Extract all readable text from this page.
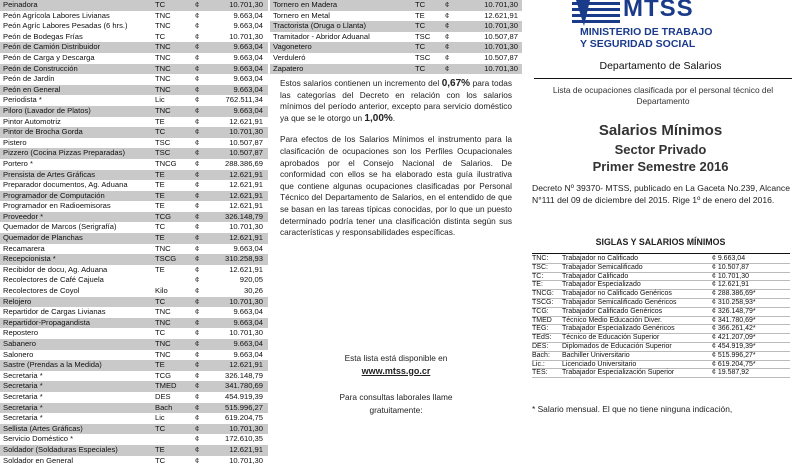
Peinadora	TC	¢	10.701,30
Peón Agrícola Labores Livianas	TNC	¢	9.663,04
Peón Agríc Labores Pesadas (6 hrs.)	TNC	¢	9.663,04
Peón de Bodegas Frías	TC	¢	10.701,30
Peón de Camión Distribuidor	TNC	¢	9.663,04
Peón de Carga y Descarga	TNC	¢	9.663,04
Peón de Construcción	TNC	¢	9.663,04
Peón de Jardín	TNC	¢	9.663,04
Peón en General	TNC	¢	9.663,04
Periodista *	Lic	¢	762.511,34
Piloro (Lavador de Platos)	TNC	¢	9.663,04
Pintor Automotriz	TE	¢	12.621,91
Pintor de Brocha Gorda	TC	¢	10.701,30
Pistero	TSC	¢	10.507,87
Pizzero (Cocina Pizzas Preparadas)	TSC	¢	10.507,87
Portero *	TNCG	¢	288.386,69
Prensista de Artes Gráficas	TE	¢	12.621,91
Preparador documentos, Ag. Aduana	TE	¢	12.621,91
Programador de Computación	TE	¢	12.621,91
Programador en Radioemisoras	TE	¢	12.621,91
Proveedor *	TCG	¢	326.148,79
Quemador de Marcos (Serigrafía)	TC	¢	10.701,30
Quemador de Planchas	TE	¢	12.621,91
Recamarera	TNC	¢	9.663,04
Recepcionista *	TSCG	¢	310.258,93
Recibidor de docu, Ag. Aduana	TE	¢	12.621,91
Recolectores de Café Cajuela	¢	920,05
Recolectores de Coyol	Kilo	¢	30,26
Relojero	TC	¢	10.701,30
Repartidor de Cargas Livianas	TNC	¢	9.663,04
Repartidor-Propagandista	TNC	¢	9.663,04
Repostero	TC	¢	10.701,30
Sabanero	TNC	¢	9.663,04
Salonero	TNC	¢	9.663,04
Sastre (Prendas a la Medida)	TE	¢	12.621,91
Secretaria *	TCG	¢	326.148,79
Secretaria *	TMED	¢	341.780,69
Secretaria *	DES	¢	454.919,39
Secretaria *	Bach	¢	515.996,27
Secretaria *	Lic	¢	619.204,75
Sellista (Artes Gráficas)	TC	¢	10.701,30
Servicio Doméstico *	¢	172.610,35
Soldador (Soldaduras Especiales)	TE	¢	12.621,91
Soldador en General	TC	¢	10.701,30
Tornero en Madera	TC	¢	10.701,30
Tornero en Metal	TE	¢	12.621,91
Tractorista (Oruga o Llanta)	TC	¢	10.701,30
Tramitador - Abridor Aduanal	TSC	¢	10.507,87
Vagonetero	TC	¢	10.701,30
Verduleró	TSC	¢	10.507,87
Zapatero	TC	¢	10.701,30

Estos salarios contienen un incremento del 0,67% para todas las categorías del Decreto en relación con los salarios mínimos del período anterior, excepto para servicio doméstico ya que se le otorgo un 1,00%.

Para efectos de los Salarios Mínimos el instrumento para la clasificación de ocupaciones son los Perfiles Ocupacionales aprobados por el Consejo Nacional de Salarios. De conformidad con ellos se ha elaborado esta guía ilustrativa que contiene algunas ocupaciones clasificadas por Personal Técnico del Departamento de Salarios, en el entendido de que se basan en las tareas típicas conocidas, por lo que un puesto determinado podría tener una clasificación distinta según sus características y responsabilidades específicas.

Esta lista está disponible en
www.mtss.go.cr
Para consultas laborales llame
gratuitamente:
MTSS
MINISTERIO DE TRABAJO
Y SEGURIDAD SOCIAL
Departamento de Salarios
Lista de ocupaciones clasificada por el personal técnico del Departamento
Salarios Mínimos
Sector Privado
Primer Semestre 2016
Decreto Nº 39370- MTSS, publicado en La Gaceta No.239, Alcance N°111 del 09 de diciembre del 2015. Rige 1º de enero del 2016.
SIGLAS Y SALARIOS MÍNIMOS
TNC:	Trabajador no Calificado	¢ 9.663,04
TSC:	Trabajador Semicalificado	¢ 10.507,87
TC:	Trabajador Calificado	¢ 10.701,30
TE:	Trabajador Especializado	¢ 12.621,91
TNCG:	Trabajador no Calificado Genéricos	¢ 288.386,69*
TSCG:	Trabajador Semicalificado Genéricos	¢ 310.258,93*
TCG:	Trabajador Calificado Genéricos	¢ 326.148,79*
TMED	Técnico Medio Educación Diver.	¢ 341.780,69*
TEG:	Trabajador Especializado Genéricos	¢ 366.261,42*
TEdS:	Técnico de Educación Superior	¢ 421.207,09*
DES:	Diplomados de Educación Superior	¢ 454.919,39*
Bach:	Bachiller Universitario	¢ 515.996,27*
Lic.:	Licenciado Universitario	¢ 619.204,75*
TES:	Trabajador Especialización Superior	¢ 19.587,92
* Salario mensual. El que no tiene ninguna indicación,
